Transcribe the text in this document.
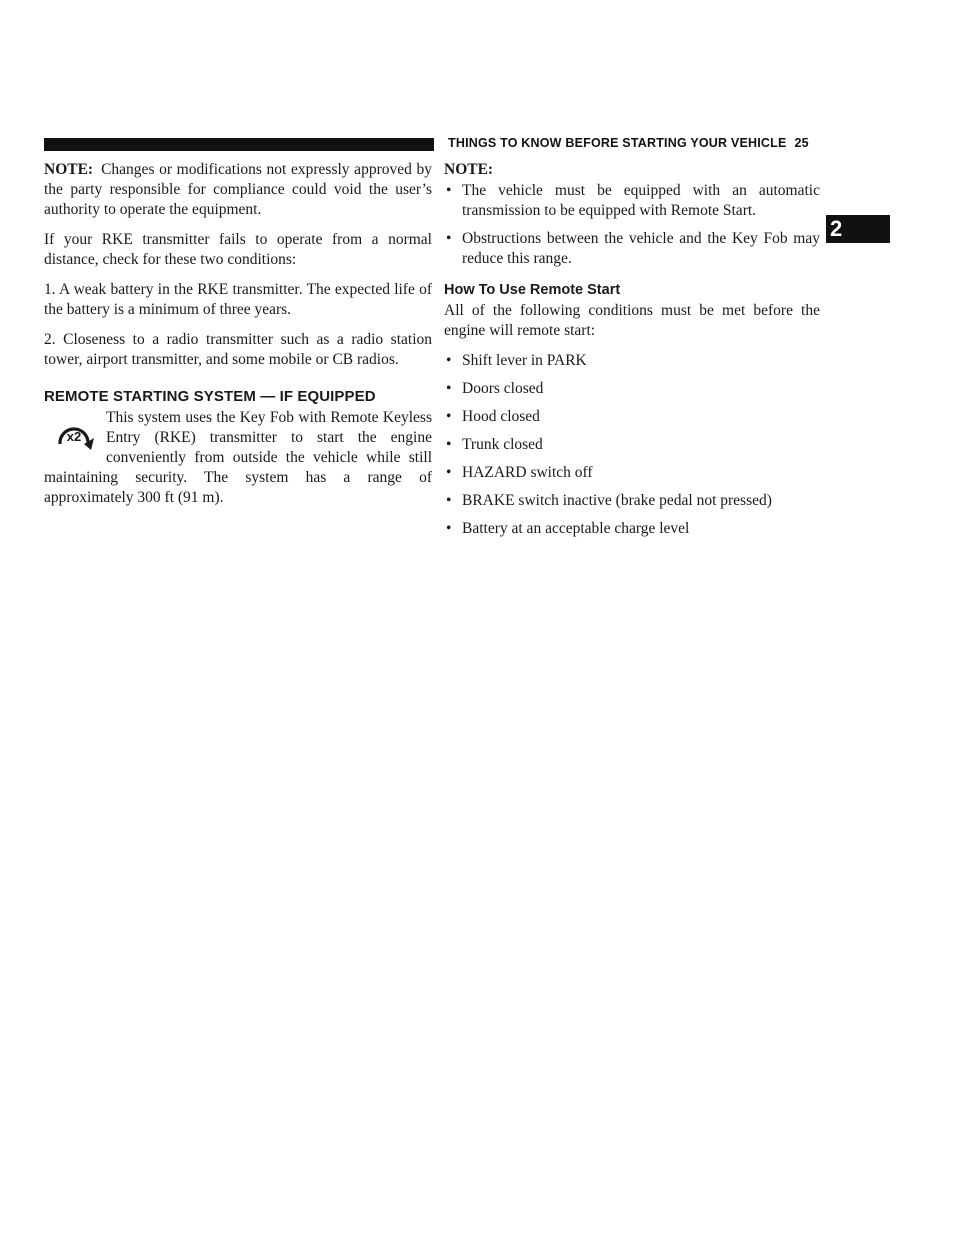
THINGS TO KNOW BEFORE STARTING YOUR VEHICLE 25
2

NOTE: Changes or modifications not expressly approved by the party responsible for compliance could void the user’s authority to operate the equipment.

If your RKE transmitter fails to operate from a normal distance, check for these two conditions:

1. A weak battery in the RKE transmitter. The expected life of the battery is a minimum of three years.

2. Closeness to a radio transmitter such as a radio station tower, airport transmitter, and some mobile or CB radios.

REMOTE STARTING SYSTEM — IF EQUIPPED
x2
This system uses the Key Fob with Remote Keyless Entry (RKE) transmitter to start the engine conveniently from outside the vehicle while still maintaining security. The system has a range of approximately 300 ft (91 m).
NOTE:
• The vehicle must be equipped with an automatic transmission to be equipped with Remote Start.
• Obstructions between the vehicle and the Key Fob may reduce this range.
How To Use Remote Start

All of the following conditions must be met before the engine will remote start:

• Shift lever in PARK
• Doors closed
• Hood closed
• Trunk closed
• HAZARD switch off
• BRAKE switch inactive (brake pedal not pressed)
• Battery at an acceptable charge level
